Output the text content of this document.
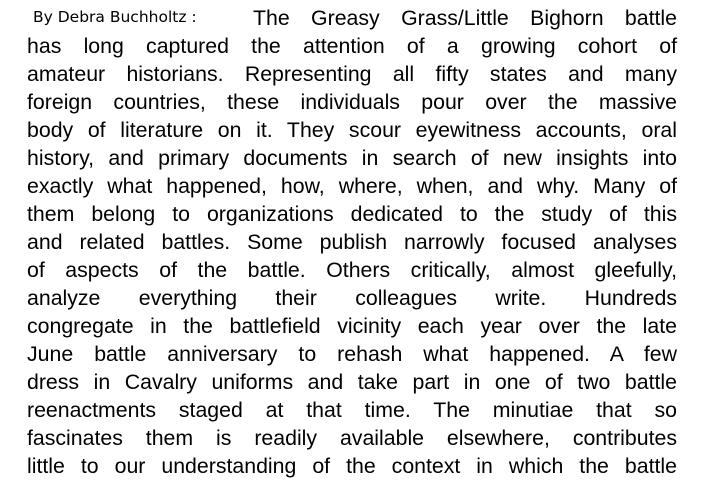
By Debra Buchholtz :	The Greasy Grass/Little Bighorn battle
has long captured the attention of a growing cohort of
amateur historians. Representing all fifty states and many
foreign countries, these individuals pour over the massive
body of literature on it. They scour eyewitness accounts, oral
history, and primary documents in search of new insights into
exactly what happened, how, where, when, and why. Many of
them belong to organizations dedicated to the study of this
and related battles. Some publish narrowly focused analyses
of aspects of the battle. Others critically, almost gleefully,
analyze everything their colleagues write. Hundreds
congregate in the battlefield vicinity each year over the late
June battle anniversary to rehash what happened. A few
dress in Cavalry uniforms and take part in one of two battle
reenactments staged at that time. The minutiae that so
fascinates them is readily available elsewhere, contributes
little to our understanding of the context in which the battle
